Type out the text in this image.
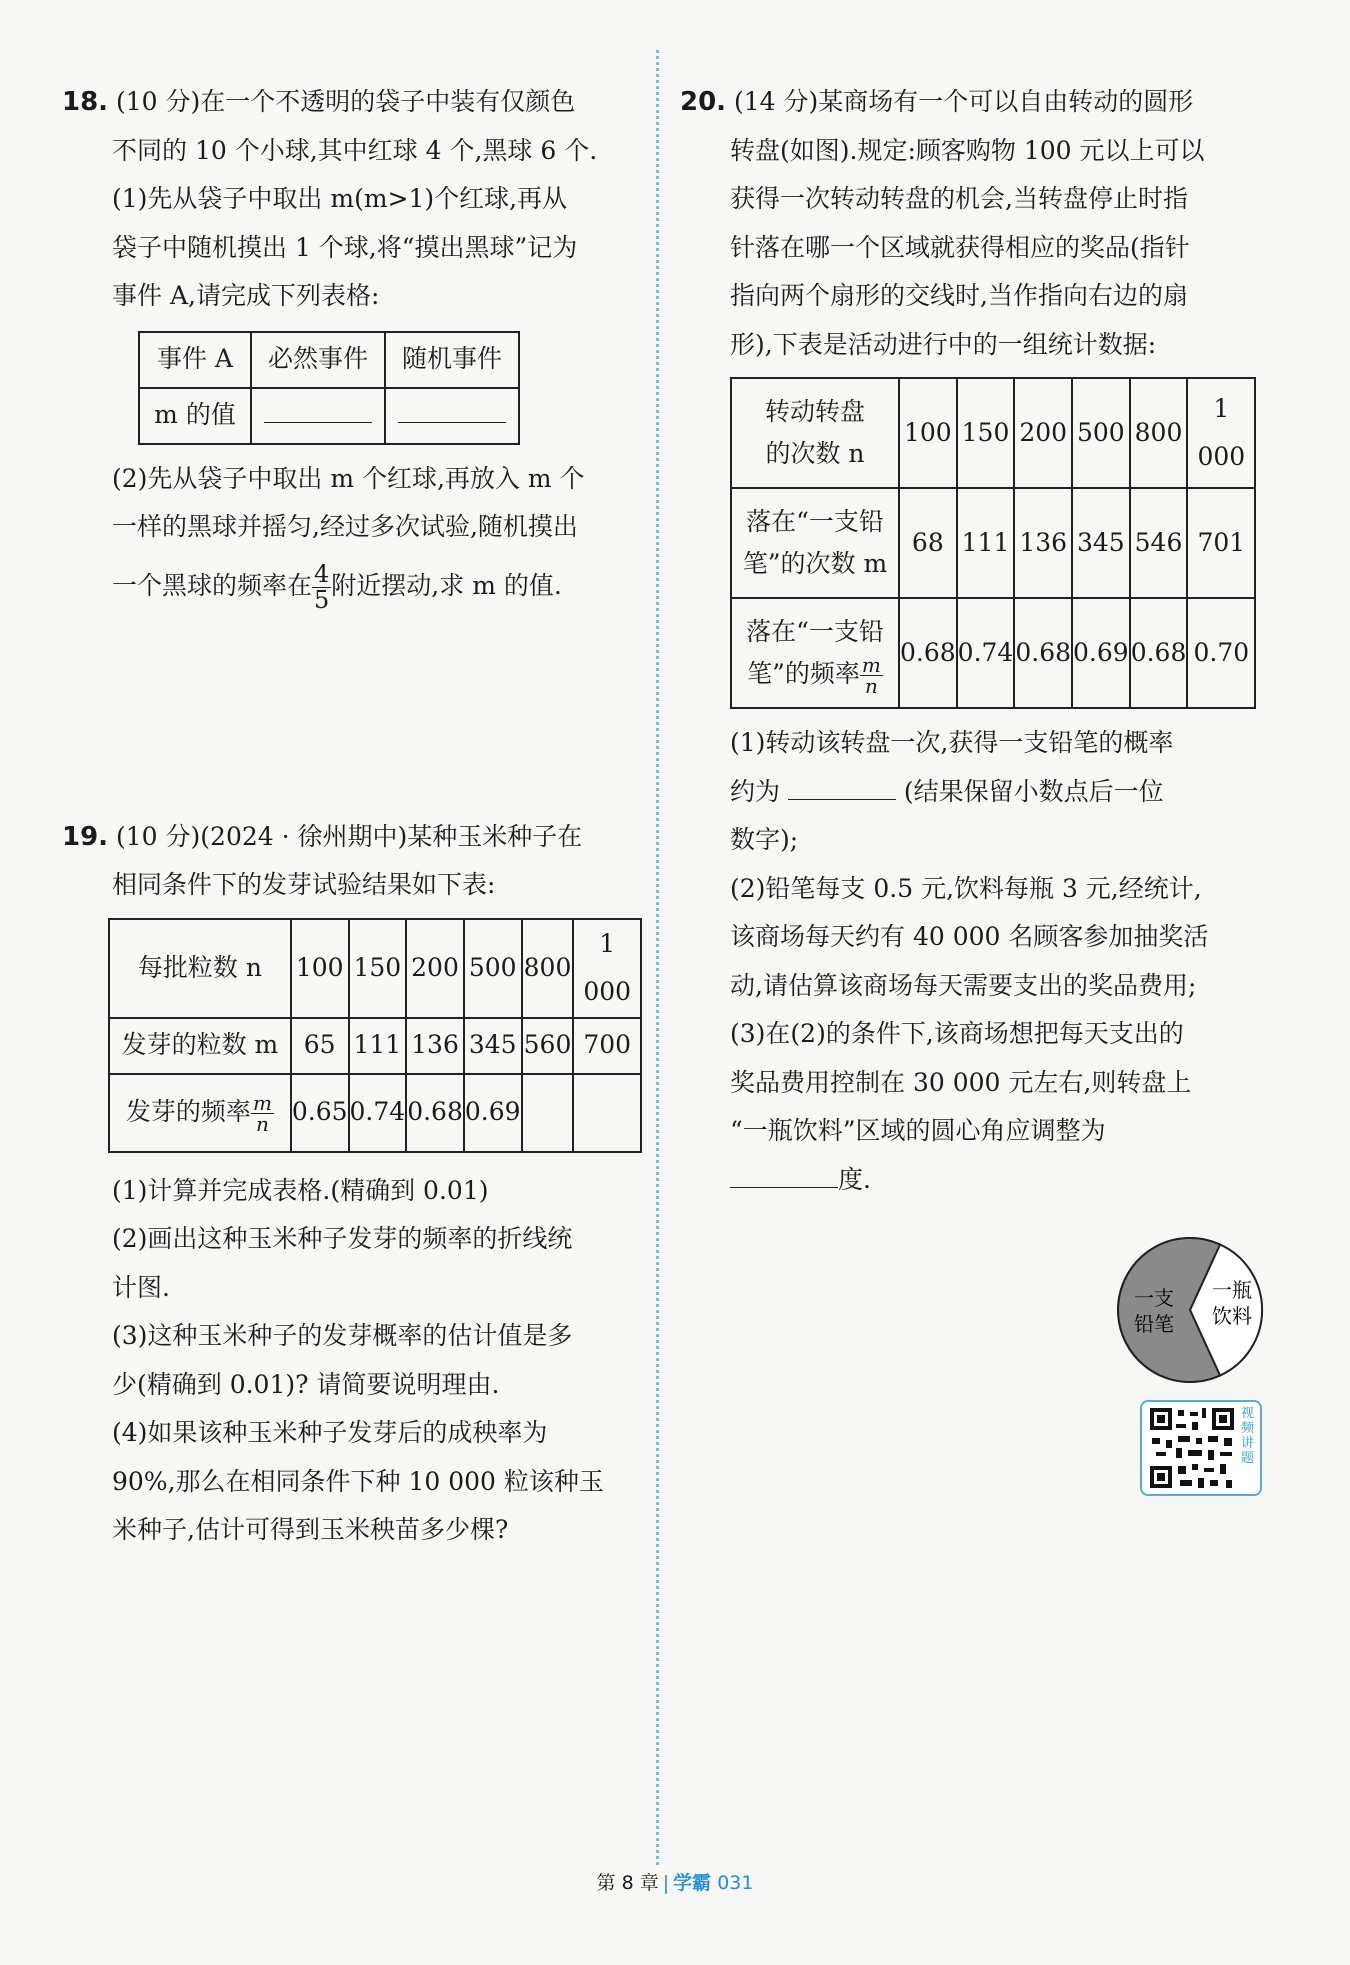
18. (10 分)在一个不透明的袋子中装有仅颜色
不同的 10 个小球,其中红球 4 个,黑球 6 个.
(1)先从袋子中取出 m(m>1)个红球,再从
袋子中随机摸出 1 个球,将“摸出黑球”记为
事件 A,请完成下列表格:
事件 A	必然事件	随机事件
m 的值		
(2)先从袋子中取出 m 个红球,再放入 m 个
一样的黑球并摇匀,经过多次试验,随机摸出
一个黑球的频率在 $\frac{4}{5}$ 附近摆动,求 m 的值.
19. (10 分)(2024 · 徐州期中)某种玉米种子在
相同条件下的发芽试验结果如下表:
每批粒数 n	100	150	200	500	800	1 000
发芽的粒数 m	65	111	136	345	560	700
发芽的频率 $\frac{m}{n}$	0.65	0.74	0.68	0.69		
(1)计算并完成表格.(精确到 0.01)
(2)画出这种玉米种子发芽的频率的折线统
计图.
(3)这种玉米种子的发芽概率的估计值是多
少(精确到 0.01)? 请简要说明理由.
(4)如果该种玉米种子发芽后的成秧率为
90%,那么在相同条件下种 10 000 粒该种玉
米种子,估计可得到玉米秧苗多少棵?
20. (14 分)某商场有一个可以自由转动的圆形
转盘(如图).规定:顾客购物 100 元以上可以
获得一次转动转盘的机会,当转盘停止时指
针落在哪一个区域就获得相应的奖品(指针
指向两个扇形的交线时,当作指向右边的扇
形),下表是活动进行中的一组统计数据:
转动转盘
的次数 n	100	150	200	500	800	1 000

落在“一支铅
笔”的次数 m	68	111	136	345	546	701

落在“一支铅
笔”的频率 $\frac{m}{n}$	0.68	0.74	0.68	0.69	0.68	0.70
(1)转动该转盘一次,获得一支铅笔的概率
约为	(结果保留小数点后一位
数字);
(2)铅笔每支 0.5 元,饮料每瓶 3 元,经统计,
该商场每天约有 40 000 名顾客参加抽奖活
动,请估算该商场每天需要支出的奖品费用;
(3)在(2)的条件下,该商场想把每天支出的
奖品费用控制在 30 000 元左右,则转盘上
“一瓶饮料”区域的圆心角应调整为
度.
一支
铅笔
一瓶
饮料
视频讲题
第 8 章 | 学霸 031
